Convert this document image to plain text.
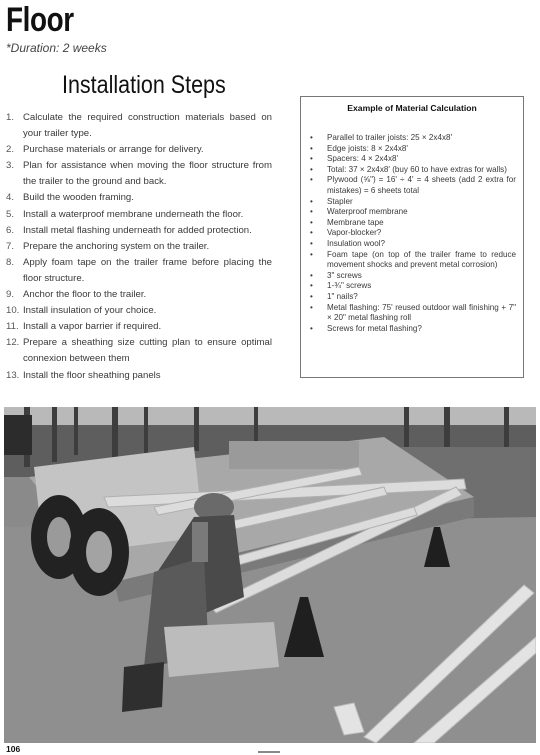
Floor
*Duration: 2 weeks
Installation Steps
1. Calculate the required construction materials based on your trailer type.
2. Purchase materials or arrange for delivery.
3. Plan for assistance when moving the floor structure from the trailer to the ground and back.
4. Build the wooden framing.
5. Install a waterproof membrane underneath the floor.
6. Install metal flashing underneath for added protection.
7. Prepare the anchoring system on the trailer.
8. Apply foam tape on the trailer frame before placing the floor structure.
9. Anchor the floor to the trailer.
10. Install insulation of your choice.
11. Install a vapor barrier if required.
12. Prepare a sheathing size cutting plan to ensure optimal connexion between them
13. Install the floor sheathing panels
Example of Material Calculation
•	Parallel to trailer joists: 25 × 2x4x8'
•	Edge joists: 8 × 2x4x8'
•	Spacers: 4 × 2x4x8'
•	Total: 37 × 2x4x8' (buy 60 to have extras for walls)
•	Plywood (⅝") = 16' ÷ 4' = 4 sheets (add 2 extra for mistakes) = 6 sheets total
•	Stapler
•	Waterproof membrane
•	Membrane tape
•	Vapor-blocker?
•	Insulation wool?
•	Foam tape (on top of the trailer frame to reduce movement shocks and prevent metal corrosion)
•	3" screws
•	1-¾" screws
•	1" nails?
•	Metal flashing: 75' reused outdoor wall finishing + 7" × 20" metal flashing roll
•	Screws for metal flashing?
106
